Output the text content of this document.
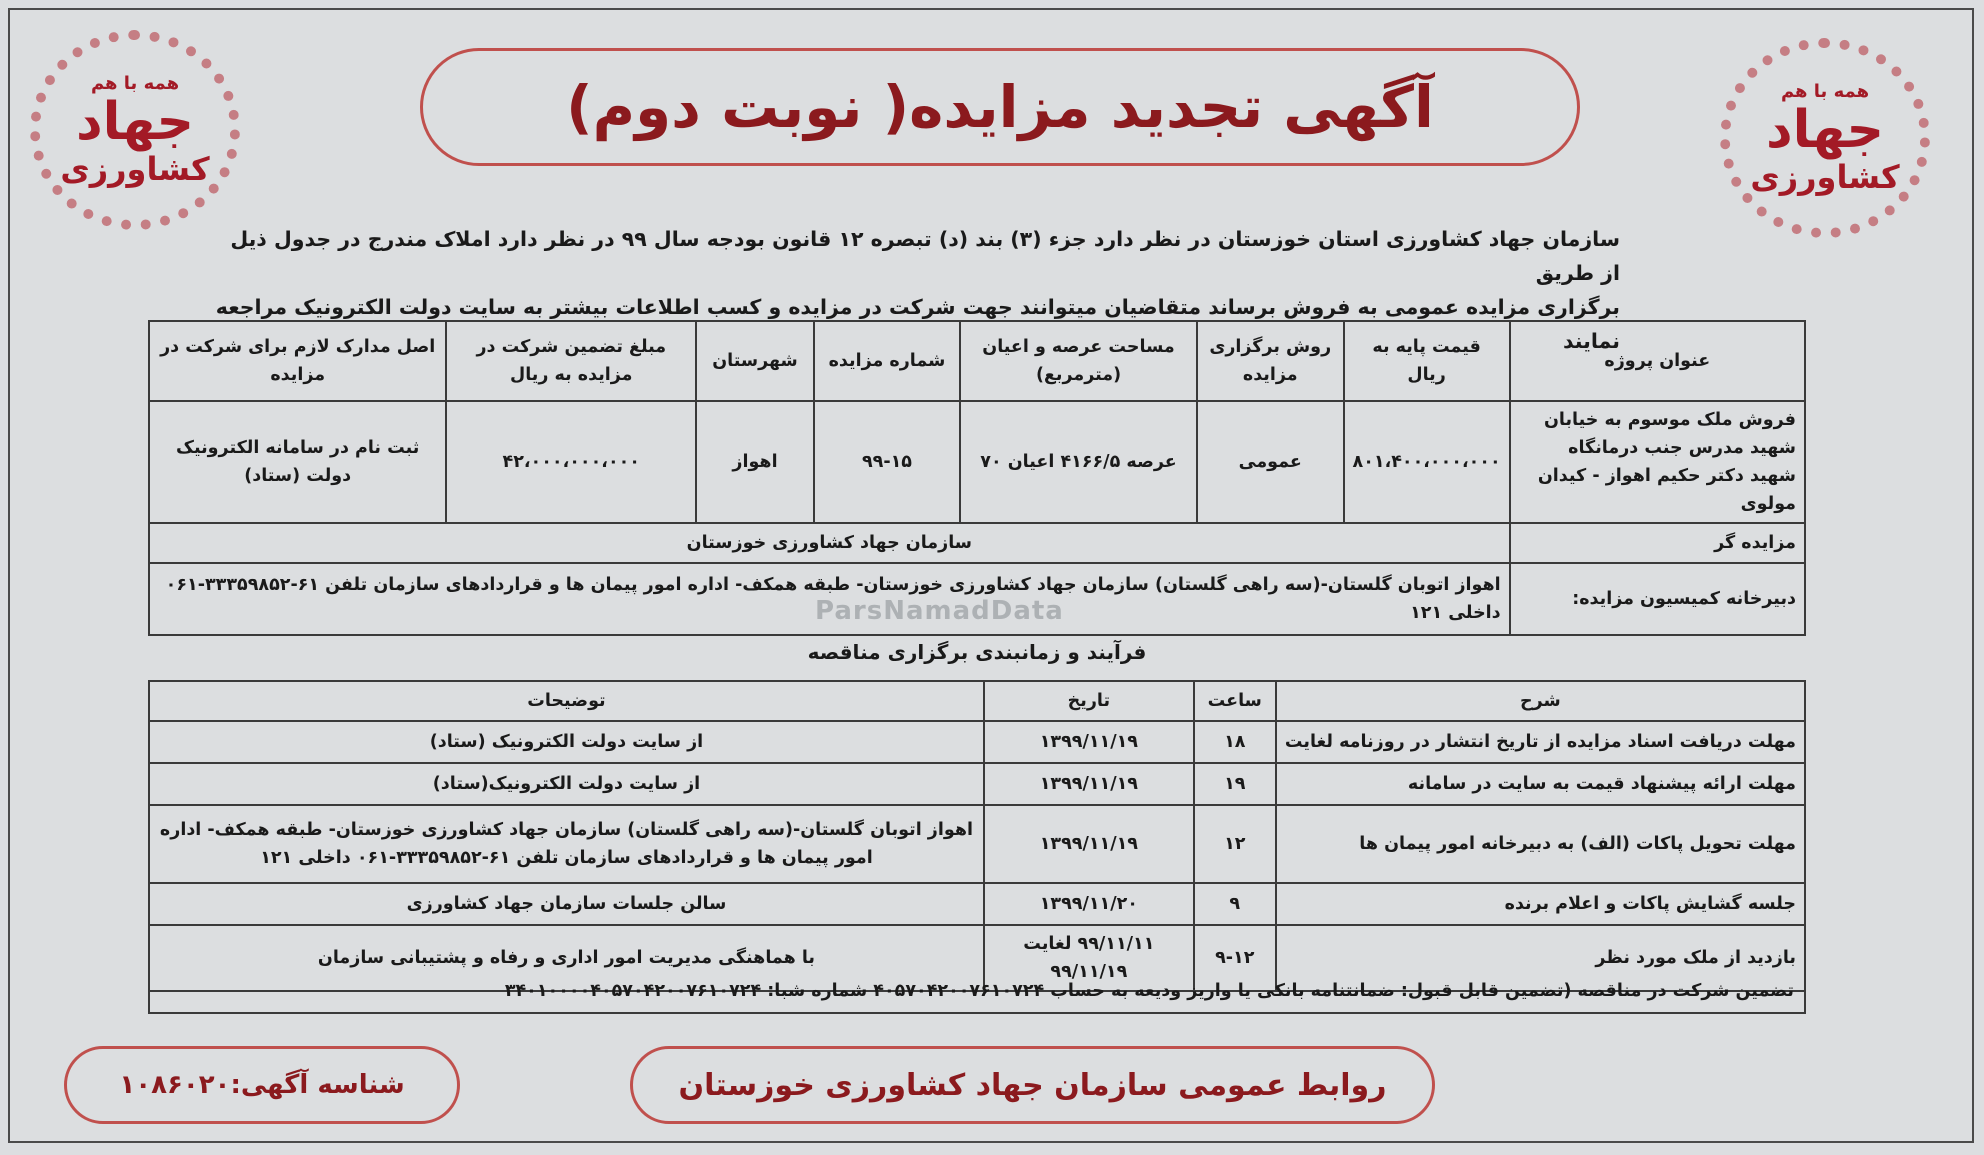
همه با هم
جهاد
کشاورزی
همه با هم
جهاد
کشاورزی
آگهی تجدید مزایده( نوبت دوم)

سازمان جهاد کشاورزی استان خوزستان در نظر دارد جزء (۳) بند (د) تبصره ۱۲ قانون بودجه سال ۹۹ در نظر دارد املاک مندرج در جدول ذیل از طریق

برگزاری مزایده عمومی به فروش برساند متقاضیان میتوانند جهت شرکت در مزایده و کسب اطلاعات بیشتر به سایت دولت الکترونیک مراجعه نمایند

عنوان پروژه	قیمت پایه به ریال	روش برگزاری مزایده	مساحت عرصه و اعیان (مترمربع)	شماره مزایده	شهرستان	مبلغ تضمین شرکت در مزایده به ریال	اصل مدارک لازم برای شرکت در مزایده
فروش ملک موسوم به خیابان شهید مدرس جنب درمانگاه شهید دکتر حکیم اهواز - کیدان مولوی	۸۰۱،۴۰۰،۰۰۰،۰۰۰	عمومی	عرصه ۴۱۶۶/۵ اعیان ۷۰	۹۹-۱۵	اهواز	۴۲،۰۰۰،۰۰۰،۰۰۰	ثبت نام در سامانه الکترونیک دولت (ستاد)
مزایده گر	سازمان جهاد کشاورزی خوزستان						
دبیرخانه کمیسیون مزایده:	اهواز اتوبان گلستان-(سه راهی گلستان) سازمان جهاد کشاورزی خوزستان- طبقه همکف- اداره امور پیمان ها و قراردادهای سازمان تلفن ۶۱-۳۳۳۵۹۸۵۲-۰۶۱ داخلی ۱۲۱						
فرآیند و زمانبندی برگزاری مناقصه
شرح	ساعت	تاریخ	توضیحات
مهلت دریافت اسناد مزایده از تاریخ انتشار در روزنامه لغایت	۱۸	۱۳۹۹/۱۱/۱۹	از سایت دولت الکترونیک (ستاد)
مهلت ارائه پیشنهاد قیمت به سایت در سامانه	۱۹	۱۳۹۹/۱۱/۱۹	از سایت دولت الکترونیک(ستاد)
مهلت تحویل پاکات (الف) به دبیرخانه امور پیمان ها	۱۲	۱۳۹۹/۱۱/۱۹	اهواز اتوبان گلستان-(سه راهی گلستان) سازمان جهاد کشاورزی خوزستان- طبقه همکف- اداره امور پیمان ها و قراردادهای سازمان تلفن ۶۱-۳۳۳۵۹۸۵۲-۰۶۱ داخلی ۱۲۱
جلسه گشایش پاکات و اعلام برنده	۹	۱۳۹۹/۱۱/۲۰	سالن جلسات سازمان جهاد کشاورزی
بازدید از ملک مورد نظر	۹-۱۲	۹۹/۱۱/۱۱ لغایت ۹۹/۱۱/۱۹	با هماهنگی مدیریت امور اداری و رفاه و پشتیبانی سازمان
تضمین شرکت در مناقصه (تضمین قابل قبول: ضمانتنامه بانکی یا واریز ودیعه به حساب ۴۰۵۷۰۴۲۰۰۷۶۱۰۷۲۴ شماره شبا: ۳۴۰۱۰۰۰۰۴۰۵۷۰۴۲۰۰۷۶۱۰۷۲۴
ParsNamadData
روابط عمومی سازمان جهاد کشاورزی خوزستان
شناسه آگهی:۱۰۸۶۰۲۰
